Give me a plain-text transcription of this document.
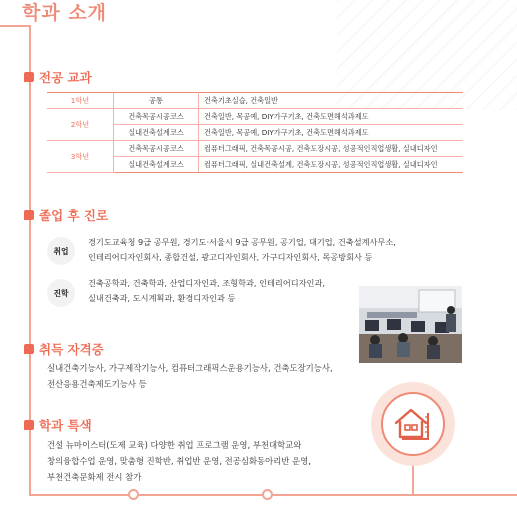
학과 소개
전공 교과
1학년	공통	건축기초실습, 건축일반
2학년	건축목공시공코스	건축일반, 목공예, DIY가구기초, 건축도면해석과제도
	실내건축설계코스	건축일반, 목공예, DIY가구기초, 건축도면해석과제도
3학년	건축목공시공코스	컴퓨터그래픽, 건축목공시공, 건축도장시공, 성공적인직업생활, 실내디자인
	실내건축설계코스	컴퓨터그래픽, 실내건축설계, 건축도장시공, 성공적인직업생활, 실내디자인
졸업 후 진로
취업
경기도교육청 9급 공무원, 경기도·서울시 9급 공무원, 공기업, 대기업, 건축설계사무소,
인테리어디자인회사, 종합건설, 광고디자인회사, 가구디자인회사, 목공방회사 등
진학
건축공학과, 건축학과, 산업디자인과, 조형학과, 인테리어디자인과,
실내건축과, 도시계획과, 환경디자인과 등
취득 자격증
실내건축기능사, 가구제작기능사, 컴퓨터그래픽스운용기능사, 건축도장기능사,
전산응용건축제도기능사 등
학과 특색
건설 뉴마이스터(도제 교육) 다양한 취업 프로그램 운영, 부천대학교와
창의융합수업 운영, 맞춤형 진학반, 취업반 운영, 전공심화동아리반 운영,
부천건축문화제 전시 참가
